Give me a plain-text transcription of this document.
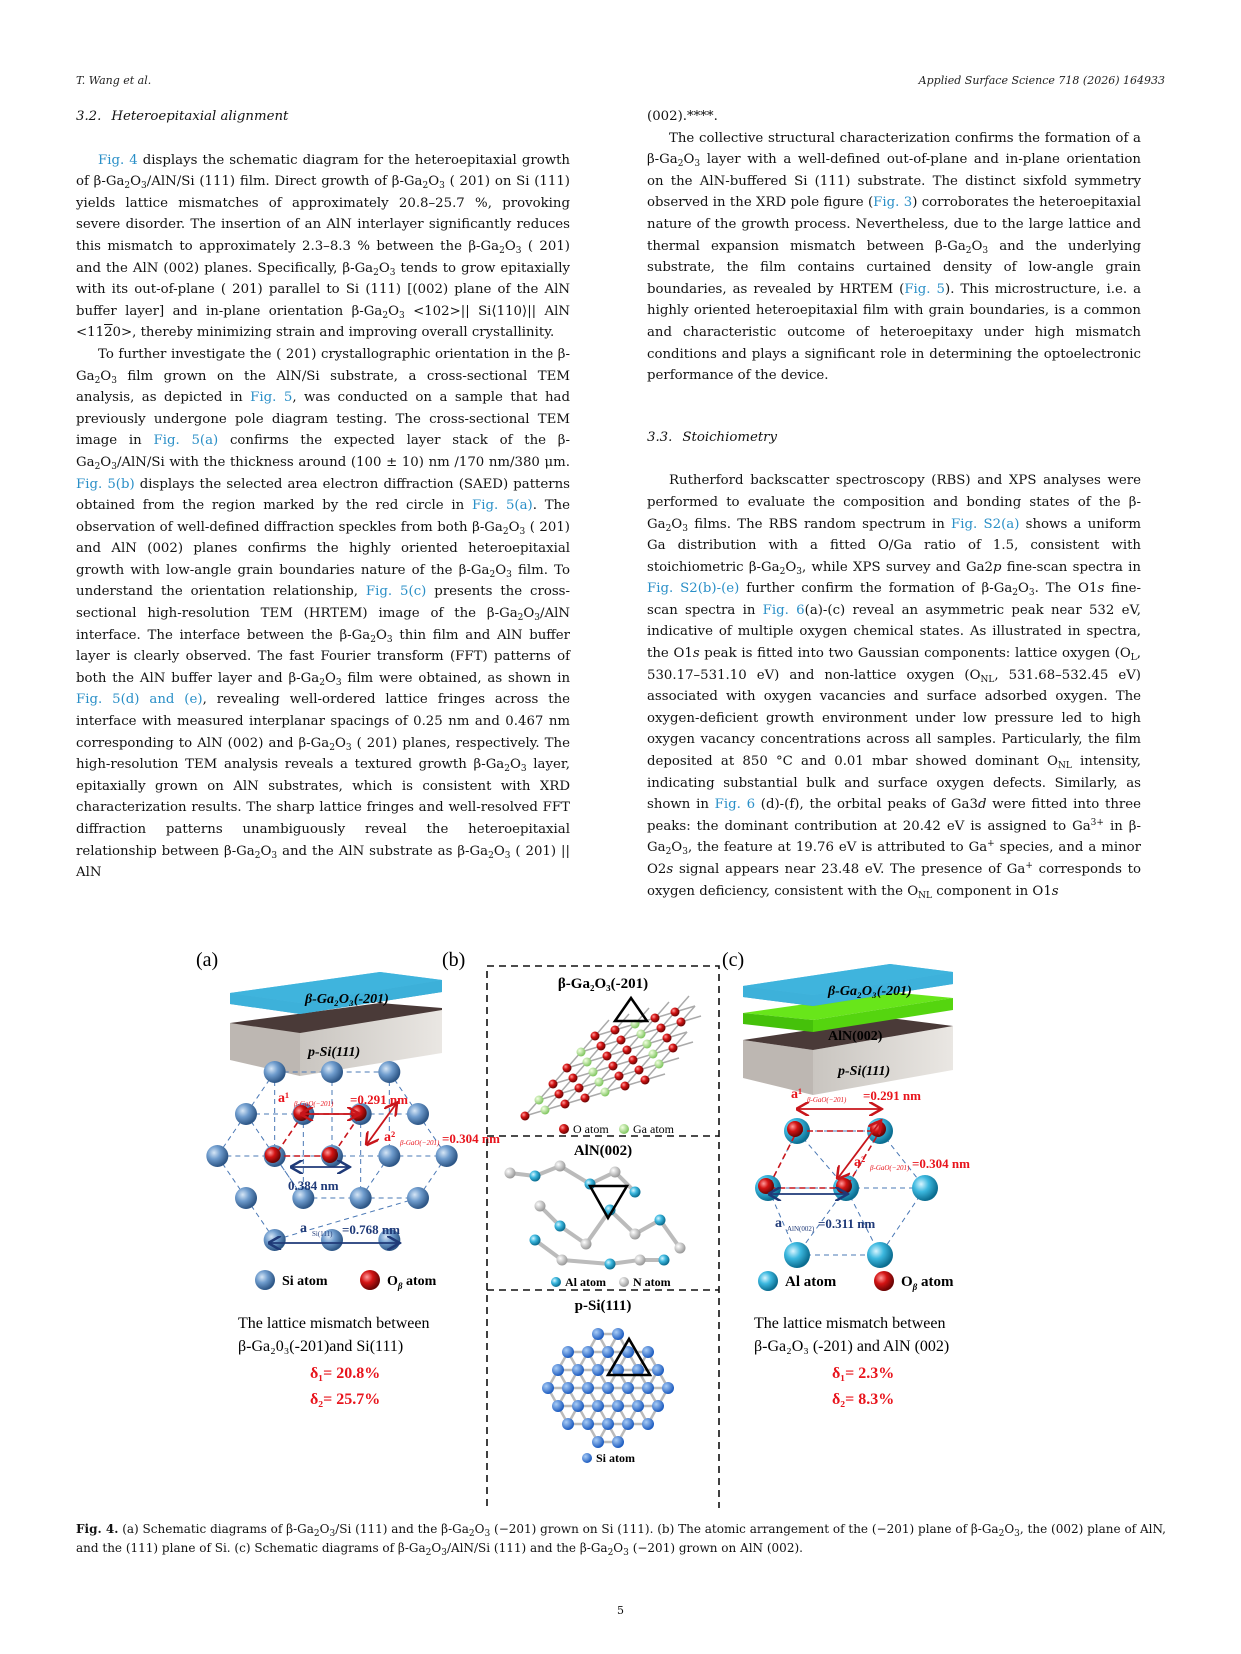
T. Wang et al.	Applied Surface Science 718 (2026) 164933
3.2. Heteroepitaxial alignment

Fig. 4 displays the schematic diagram for the heteroepitaxial growth of $\beta-Ga_2O_3/AlN/Si$ (111) film. Direct growth of $\beta-Ga_2O_3$ ( 201) on Si (111) yields lattice mismatches of approximately 20.8–25.7 %, provoking severe disorder. The insertion of an AlN interlayer significantly reduces this mismatch to approximately 2.3–8.3 % between the $\beta-Ga_2O_3$ ( 201) and the AlN (002) planes. Specifically, $\beta-Ga_2O_3$ tends to grow epitaxially with its out-of-plane ( 201) parallel to Si (111) [(002) plane of the AlN buffer layer] and in-plane orientation $\beta-Ga_2O_3 <102>||$ Si⟨110⟩|| AlN <1120>, thereby minimizing strain and improving overall crystallinity.

To further investigate the ( 201) crystallographic orientation in the $\beta-Ga_2O_3$ film grown on the AlN/Si substrate, a cross-sectional TEM analysis, as depicted in Fig. 5, was conducted on a sample that had previously undergone pole diagram testing. The cross-sectional TEM image in Fig. 5(a) confirms the expected layer stack of the $\beta-Ga_2O_3/AlN/Si$ with the thickness around (100 ± 10) nm /170 nm/380 μm. Fig. 5(b) displays the selected area electron diffraction (SAED) patterns obtained from the region marked by the red circle in Fig. 5(a). The observation of well-defined diffraction speckles from both $\beta-Ga_2O_3$ ( 201) and AlN (002) planes confirms the highly oriented heteroepitaxial growth with low-angle grain boundaries nature of the $\beta-Ga_2O_3$ film. To understand the orientation relationship, Fig. 5(c) presents the cross-sectional high-resolution TEM (HRTEM) image of the $\beta-Ga_2O_3$/AlN interface. The interface between the $\beta-Ga_2O_3$ thin film and AlN buffer layer is clearly observed. The fast Fourier transform (FFT) patterns of both the AlN buffer layer and $\beta-Ga_2O_3$ film were obtained, as shown in Fig. 5(d) and (e), revealing well-ordered lattice fringes across the interface with measured interplanar spacings of 0.25 nm and 0.467 nm corresponding to AlN (002) and $\beta-Ga_2O_3$ ( 201) planes, respectively. The high-resolution TEM analysis reveals a textured growth $\beta-Ga_2O_3$ layer, epitaxially grown on AlN substrates, which is consistent with XRD characterization results. The sharp lattice fringes and well-resolved FFT diffraction patterns unambiguously reveal the heteroepitaxial relationship between $\beta-Ga_2O_3$ and the AlN substrate as $\beta-Ga_2O_3$ ( 201) || AlN

(002).****.

The collective structural characterization confirms the formation of a $\beta-Ga_2O_3$ layer with a well-defined out-of-plane and in-plane orientation on the AlN-buffered Si (111) substrate. The distinct sixfold symmetry observed in the XRD pole figure (Fig. 3) corroborates the heteroepitaxial nature of the growth process. Nevertheless, due to the large lattice and thermal expansion mismatch between $\beta-Ga_2O_3$ and the underlying substrate, the film contains curtained density of low-angle grain boundaries, as revealed by HRTEM (Fig. 5). This microstructure, i.e. a highly oriented heteroepitaxial film with grain boundaries, is a common and characteristic outcome of heteroepitaxy under high mismatch conditions and plays a significant role in determining the optoelectronic performance of the device.

3.3. Stoichiometry

Rutherford backscatter spectroscopy (RBS) and XPS analyses were performed to evaluate the composition and bonding states of the $\beta-Ga_2O_3$ films. The RBS random spectrum in Fig. S2(a) shows a uniform Ga distribution with a fitted O/Ga ratio of 1.5, consistent with stoichiometric $\beta-Ga_2O_3$, while XPS survey and Ga2p fine-scan spectra in Fig. S2(b)-(e) further confirm the formation of $\beta-Ga_2O_3$. The O1s fine-scan spectra in Fig. 6(a)-(c) reveal an asymmetric peak near 532 eV, indicative of multiple oxygen chemical states. As illustrated in spectra, the O1s peak is fitted into two Gaussian components: lattice oxygen ($O_L$, 530.17–531.10 eV) and non-lattice oxygen ($O_{NL}$, 531.68–532.45 eV) associated with oxygen vacancies and surface adsorbed oxygen. The oxygen-deficient growth environment under low pressure led to high oxygen vacancy concentrations across all samples. Particularly, the film deposited at 850 °C and 0.01 mbar showed dominant $O_{NL}$ intensity, indicating substantial bulk and surface oxygen defects. Similarly, as shown in Fig. 6 (d)-(f), the orbital peaks of Ga3d were fitted into three peaks: the dominant contribution at 20.42 eV is assigned to $Ga^{3+}$ in $\beta-Ga_2O_3$, the feature at 19.76 eV is attributed to Ga+ species, and a minor O2s signal appears near 23.48 eV. The presence of Ga+ corresponds to oxygen deficiency, consistent with the $O_{NL}$ component in O1s

(a)
β-Ga₂O₃(-201)
p-Si(111)
a¹ β-GaO(−201) =0.291 nm
a² β-GaO(−201) =0.304 nm
0.384 nm
a Si(111) =0.768 nm
Si atom	$O_\beta$ atom
The lattice mismatch between
β-Ga₂0₃(-201)and Si(111)
δ₁= 20.8%
δ₂= 25.7%
(b)
β-Ga₂O₃(-201)
O atom Ga atom
AlN(002)
Al atom N atom
p-Si(111)
Si atom
(c)
β-Ga₂O₃(-201)
AlN(002)
p-Si(111)
a¹ β-GaO(−201) =0.291 nm
a² β-GaO(−201) =0.304 nm
a AlN(002) =0.311 nm
Al atom	$O_\beta$ atom
The lattice mismatch between
β-Ga₂O₃ (-201) and AlN (002)
δ₁= 2.3%
δ₂= 8.3%
Fig. 4. (a) Schematic diagrams of $\beta-Ga_2O_3/Si$ (111) and the $\beta-Ga_2O_3$ (−201) grown on Si (111). (b) The atomic arrangement of the (−201) plane of $\beta-Ga_2O_3$, the (002) plane of AlN, and the (111) plane of Si. (c) Schematic diagrams of $\beta-Ga_2O_3/AlN/Si$ (111) and the $\beta-Ga_2O_3$ (−201) grown on AlN (002).
5
